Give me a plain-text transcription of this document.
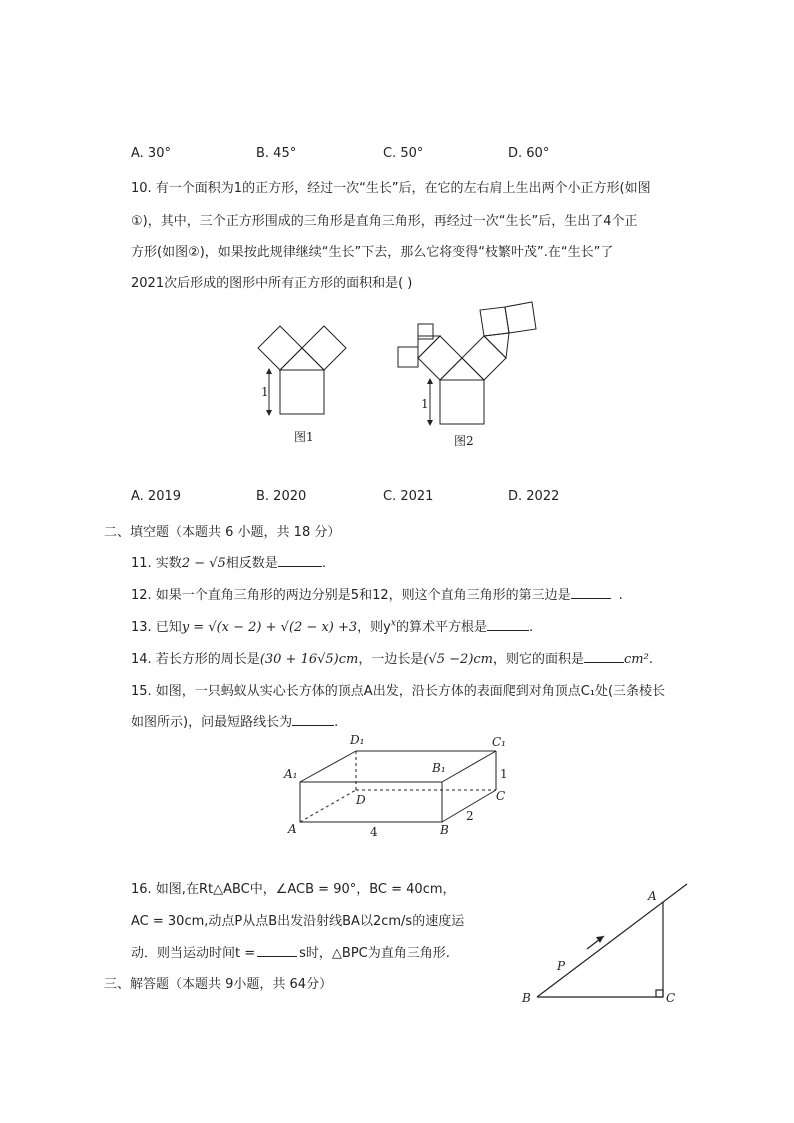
A. 30°	B. 45°	C. 50°	D. 60°
10. 有一个面积为1的正方形，经过一次“生长”后，在它的左右肩上生出两个小正方形(如图
①)，其中，三个正方形围成的三角形是直角三角形，再经过一次“生长”后，生出了4个正
方形(如图②)，如果按此规律继续“生长”下去，那么它将变得“枝繁叶茂”.在“生长”了
2021次后形成的图形中所有正方形的面积和是( )
1
图1
1
图2
A. 2019	B. 2020	C. 2021	D. 2022
二、填空题（本题共 6 小题，共 18 分）
11. 实数2 − √5相反数是	.
12. 如果一个直角三角形的两边分别是5和12，则这个直角三角形的第三边是	.
13. 已知y = √(x − 2) + √(2 − x) +3，则$y^x$的算术平方根是	.
14. 若长方形的周长是(30 + 16√5)cm，一边长是(√5 −2)cm，则它的面积是	cm².
15. 如图，一只蚂蚁从实心长方体的顶点A出发，沿长方体的表面爬到对角顶点C₁处(三条棱长
如图所示)，问最短路线长为	.
A₁
D₁
B₁
C₁
D
A	B
C
4
2
1
16. 如图,在Rt△ABC中，∠ACB = 90°，BC = 40cm，
AC = 30cm,动点P从点B出发沿射线BA以2cm/s的速度运
动．则当运动时间t =	s时，△BPC为直角三角形.
A
B	C
P
三、解答题（本题共 9小题，共 64分）
